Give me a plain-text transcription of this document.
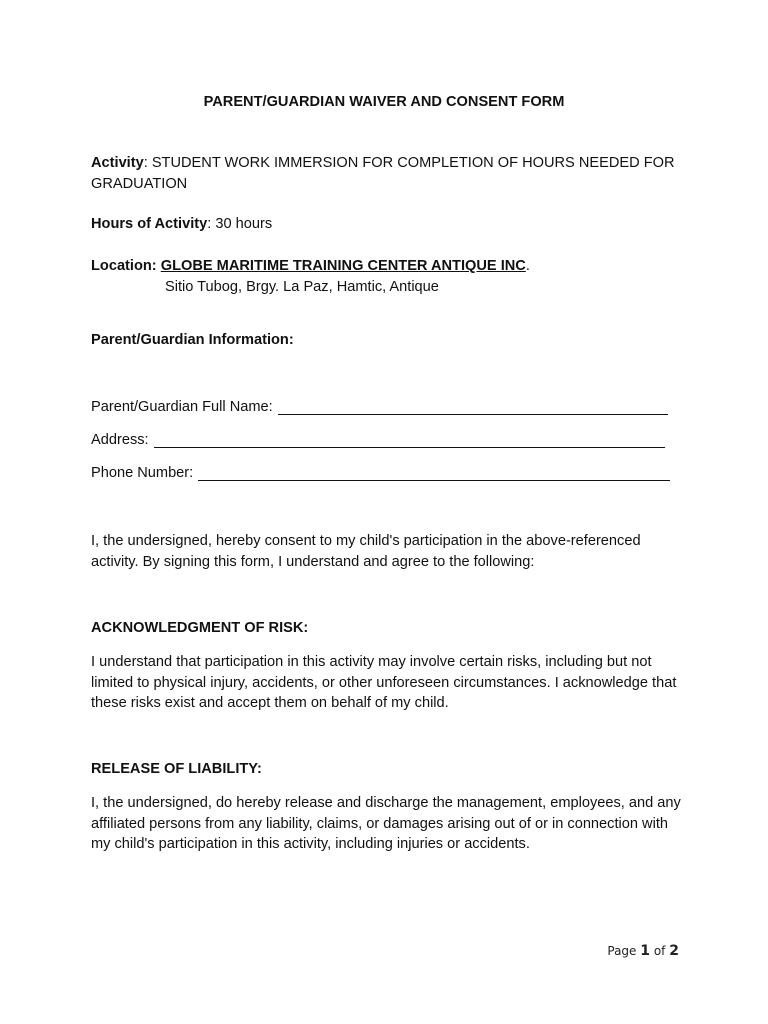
PARENT/GUARDIAN WAIVER AND CONSENT FORM

Activity: STUDENT WORK IMMERSION FOR COMPLETION OF HOURS NEEDED FOR GRADUATION

Hours of Activity: 30 hours

Location: GLOBE MARITIME TRAINING CENTER ANTIQUE INC.
Sitio Tubog, Brgy. La Paz, Hamtic, Antique

Parent/Guardian Information:

Parent/Guardian Full Name:
Address:
Phone Number:

I, the undersigned, hereby consent to my child's participation in the above-referenced activity. By signing this form, I understand and agree to the following:

ACKNOWLEDGMENT OF RISK:

I understand that participation in this activity may involve certain risks, including but not limited to physical injury, accidents, or other unforeseen circumstances. I acknowledge that these risks exist and accept them on behalf of my child.

RELEASE OF LIABILITY:

I, the undersigned, do hereby release and discharge the management, employees, and any affiliated persons from any liability, claims, or damages arising out of or in connection with my child's participation in this activity, including injuries or accidents.

Page 1 of 2
